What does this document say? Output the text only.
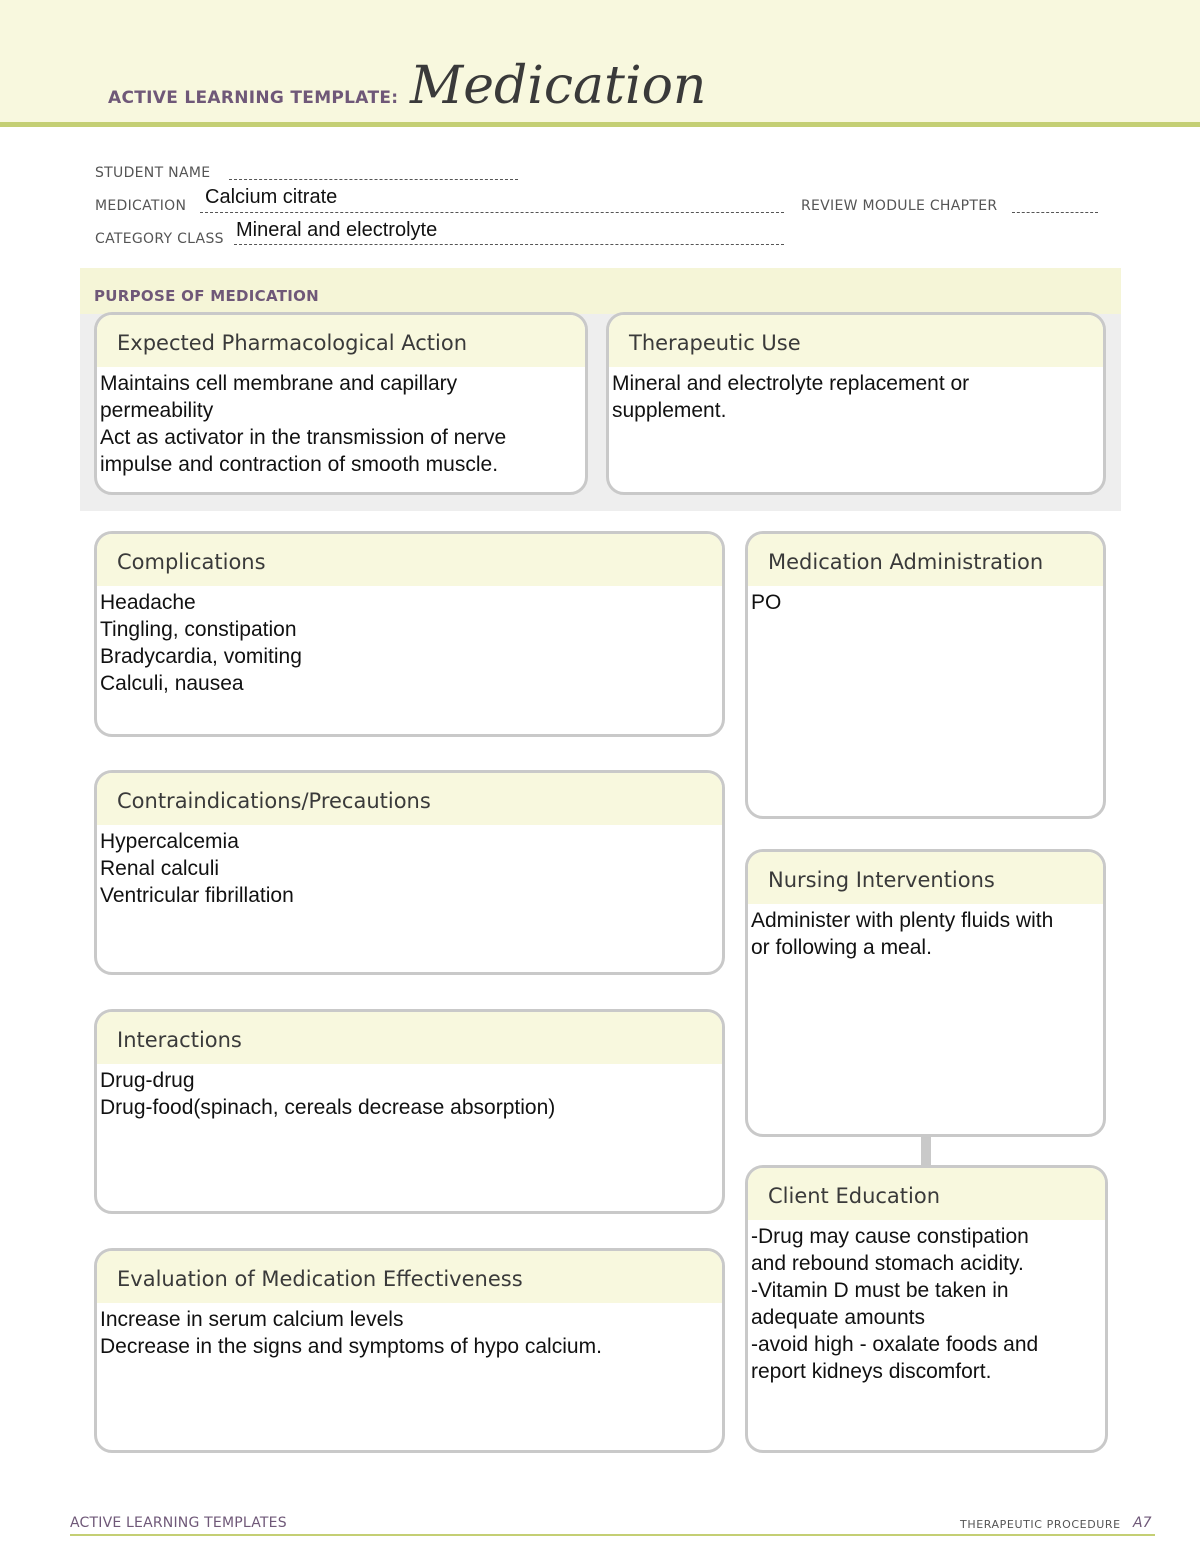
ACTIVE LEARNING TEMPLATE: Medication
STUDENT NAME
MEDICATION Calcium citrate	REVIEW MODULE CHAPTER
CATEGORY CLASS Mineral and electrolyte
PURPOSE OF MEDICATION
Expected Pharmacological Action
Maintains cell membrane and capillary
permeability
Act as activator in the transmission of nerve
impulse and contraction of smooth muscle.
Therapeutic Use
Mineral and electrolyte replacement or
supplement.
Complications
Headache
Tingling, constipation
Bradycardia, vomiting
Calculi, nausea
Contraindications/Precautions
Hypercalcemia
Renal calculi
Ventricular fibrillation
Interactions
Drug-drug
Drug-food(spinach, cereals decrease absorption)
Evaluation of Medication Effectiveness
Increase in serum calcium levels
Decrease in the signs and symptoms of hypo calcium.
Medication Administration
PO
Nursing Interventions
Administer with plenty fluids with
or following a meal.
Client Education
-Drug may cause constipation
and rebound stomach acidity.
-Vitamin D must be taken in
adequate amounts
-avoid high - oxalate foods and
report kidneys discomfort.
ACTIVE LEARNING TEMPLATES	THERAPEUTIC PROCEDURE A7
